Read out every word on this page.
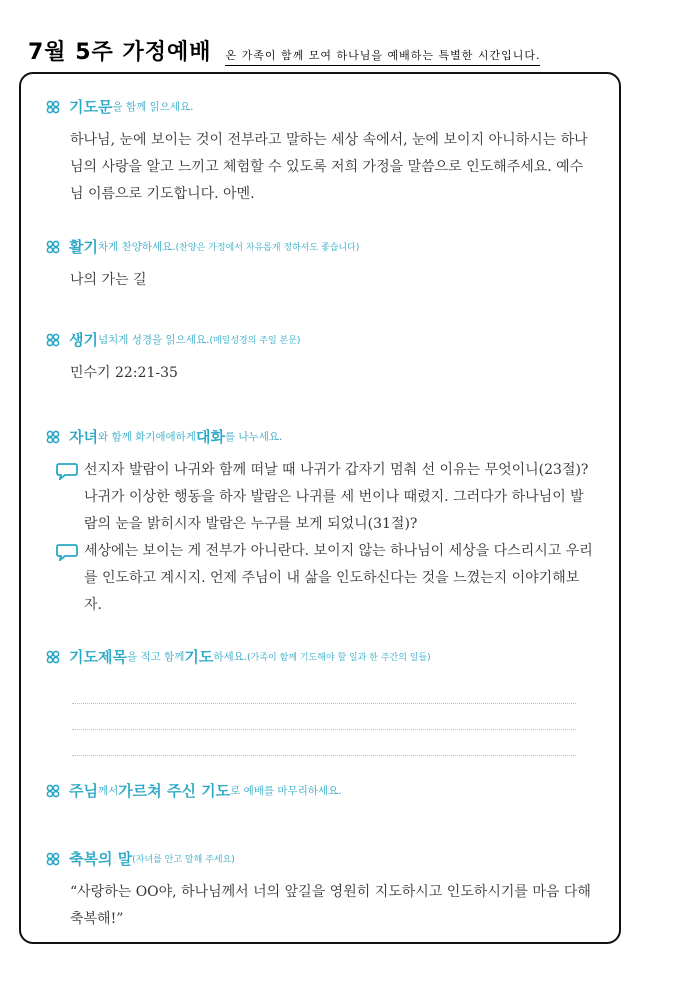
7월 5주 가정예배 온 가족이 함께 모여 하나님을 예배하는 특별한 시간입니다.
기도문 을 함께 읽으세요.
하나님, 눈에 보이는 것이 전부라고 말하는 세상 속에서, 눈에 보이지 아니하시는 하나님의 사랑을 알고 느끼고 체험할 수 있도록 저희 가정을 말씀으로 인도해주세요. 예수님 이름으로 기도합니다. 아멘.
활기 차게 찬양하세요. (찬양은 가정에서 자유롭게 정하셔도 좋습니다)
나의 가는 길
생기 넘치게 성경을 읽으세요. (매일성경의 주일 본문)
민수기 22:21-35
자녀 와 함께 화기애애하게 대화 를 나누세요.
선지자 발람이 나귀와 함께 떠날 때 나귀가 갑자기 멈춰 선 이유는 무엇이니(23절)? 나귀가 이상한 행동을 하자 발람은 나귀를 세 번이나 때렸지. 그러다가 하나님이 발람의 눈을 밝히시자 발람은 누구를 보게 되었니(31절)?
세상에는 보이는 게 전부가 아니란다. 보이지 않는 하나님이 세상을 다스리시고 우리를 인도하고 계시지. 언제 주님이 내 삶을 인도하신다는 것을 느꼈는지 이야기해보자.
기도제목 을 적고 함께 기도 하세요. (가족이 함께 기도해야 할 일과 한 주간의 일들)
주님 께서 가르쳐 주신 기도 로 예배를 마무리하세요.
축복의 말 (자녀를 안고 말해 주세요)
“사랑하는 OO야, 하나님께서 너의 앞길을 영원히 지도하시고 인도하시기를 마음 다해 축복해!”
